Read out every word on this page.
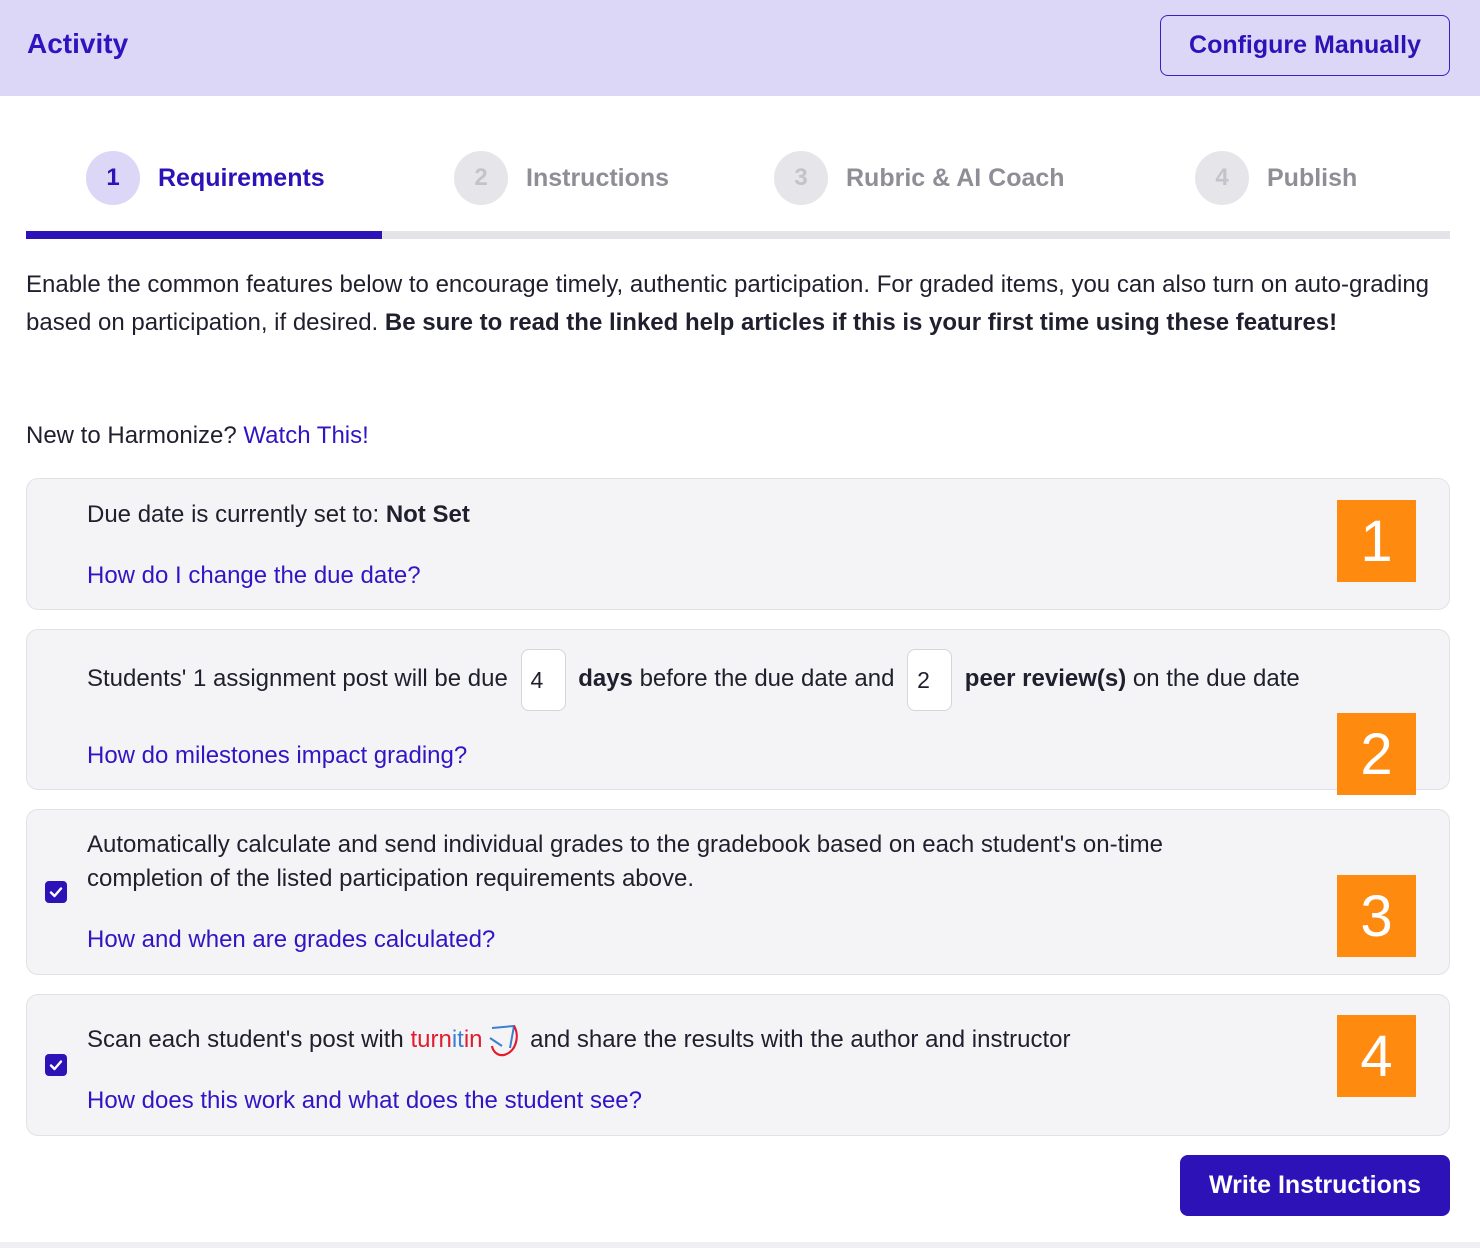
Activity	Configure Manually
1	Requirements	2	Instructions	3	Rubric & AI Coach	4	Publish
Enable the common features below to encourage timely, authentic participation. For graded items, you can also turn on auto-grading based on participation, if desired. Be sure to read the linked help articles if this is your first time using these features!
New to Harmonize? Watch This!
Due date is currently set to: Not Set
How do I change the due date?
1
Students' 1 assignment post will be due 4 days before the due date and 2 peer review(s) on the due date
How do milestones impact grading?	2
Automatically calculate and send individual grades to the gradebook based on each student's on-time
completion of the listed participation requirements above.
How and when are grades calculated?	3
Scan each student's post with turnitin and share the results with the author and instructor
How does this work and what does the student see?
4
Write Instructions
